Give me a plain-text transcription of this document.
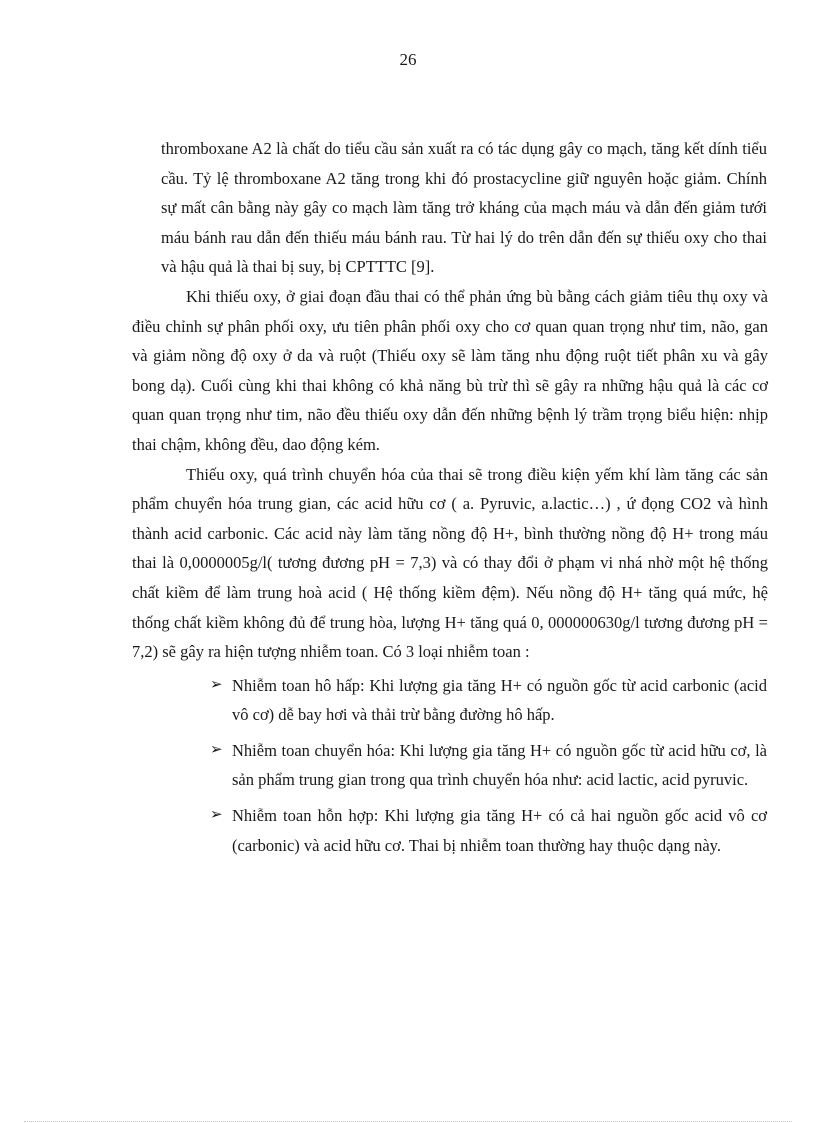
26

thromboxane A2 là chất do tiểu cầu sản xuất ra có tác dụng gây co mạch, tăng kết dính tiểu cầu. Tỷ lệ thromboxane A2 tăng trong khi đó prostacycline giữ nguyên hoặc giảm. Chính sự mất cân bằng này gây co mạch làm tăng trở kháng của mạch máu và dẫn đến giảm tưới máu bánh rau dẫn đến thiếu máu bánh rau. Từ hai lý do trên dẫn đến sự thiếu oxy cho thai và hậu quả là thai bị suy, bị CPTTTC [9].

Khi thiếu oxy, ở giai đoạn đầu thai có thể phản ứng bù bằng cách giảm tiêu thụ oxy và điều chỉnh sự phân phối oxy, ưu tiên phân phối oxy cho cơ quan quan trọng như tim, não, gan và giảm nồng độ oxy ở da và ruột (Thiếu oxy sẽ làm tăng nhu động ruột tiết phân xu và gây bong dạ). Cuối cùng khi thai không có khả năng bù trừ thì sẽ gây ra những hậu quả là các cơ quan quan trọng như tim, não đều thiếu oxy dẫn đến những bệnh lý trầm trọng biểu hiện: nhịp thai chậm, không đều, dao động kém.

Thiếu oxy, quá trình chuyển hóa của thai sẽ trong điều kiện yếm khí làm tăng các sản phẩm chuyển hóa trung gian, các acid hữu cơ ( a. Pyruvic, a.lactic…) , ứ đọng CO2 và hình thành acid carbonic. Các acid này làm tăng nồng độ H+, bình thường nồng độ H+ trong máu thai là 0,0000005g/l( tương đương pH = 7,3) và có thay đổi ở phạm vi nhá nhờ một hệ thống chất kiềm để làm trung hoà acid ( Hệ thống kiềm đệm). Nếu nồng độ H+ tăng quá mức, hệ thống chất kiềm không đủ để trung hòa, lượng H+ tăng quá 0, 000000630g/l tương đương pH = 7,2) sẽ gây ra hiện tượng nhiễm toan. Có 3 loại nhiễm toan :

➢ Nhiễm toan hô hấp: Khi lượng gia tăng H+ có nguồn gốc từ acid carbonic (acid vô cơ) dễ bay hơi và thải trừ bằng đường hô hấp.
➢ Nhiễm toan chuyển hóa: Khi lượng gia tăng H+ có nguồn gốc từ acid hữu cơ, là sản phẩm trung gian trong qua trình chuyển hóa như: acid lactic, acid pyruvic.
➢ Nhiễm toan hỗn hợp: Khi lượng gia tăng H+ có cả hai nguồn gốc acid vô cơ (carbonic) và acid hữu cơ. Thai bị nhiễm toan thường hay thuộc dạng này.
